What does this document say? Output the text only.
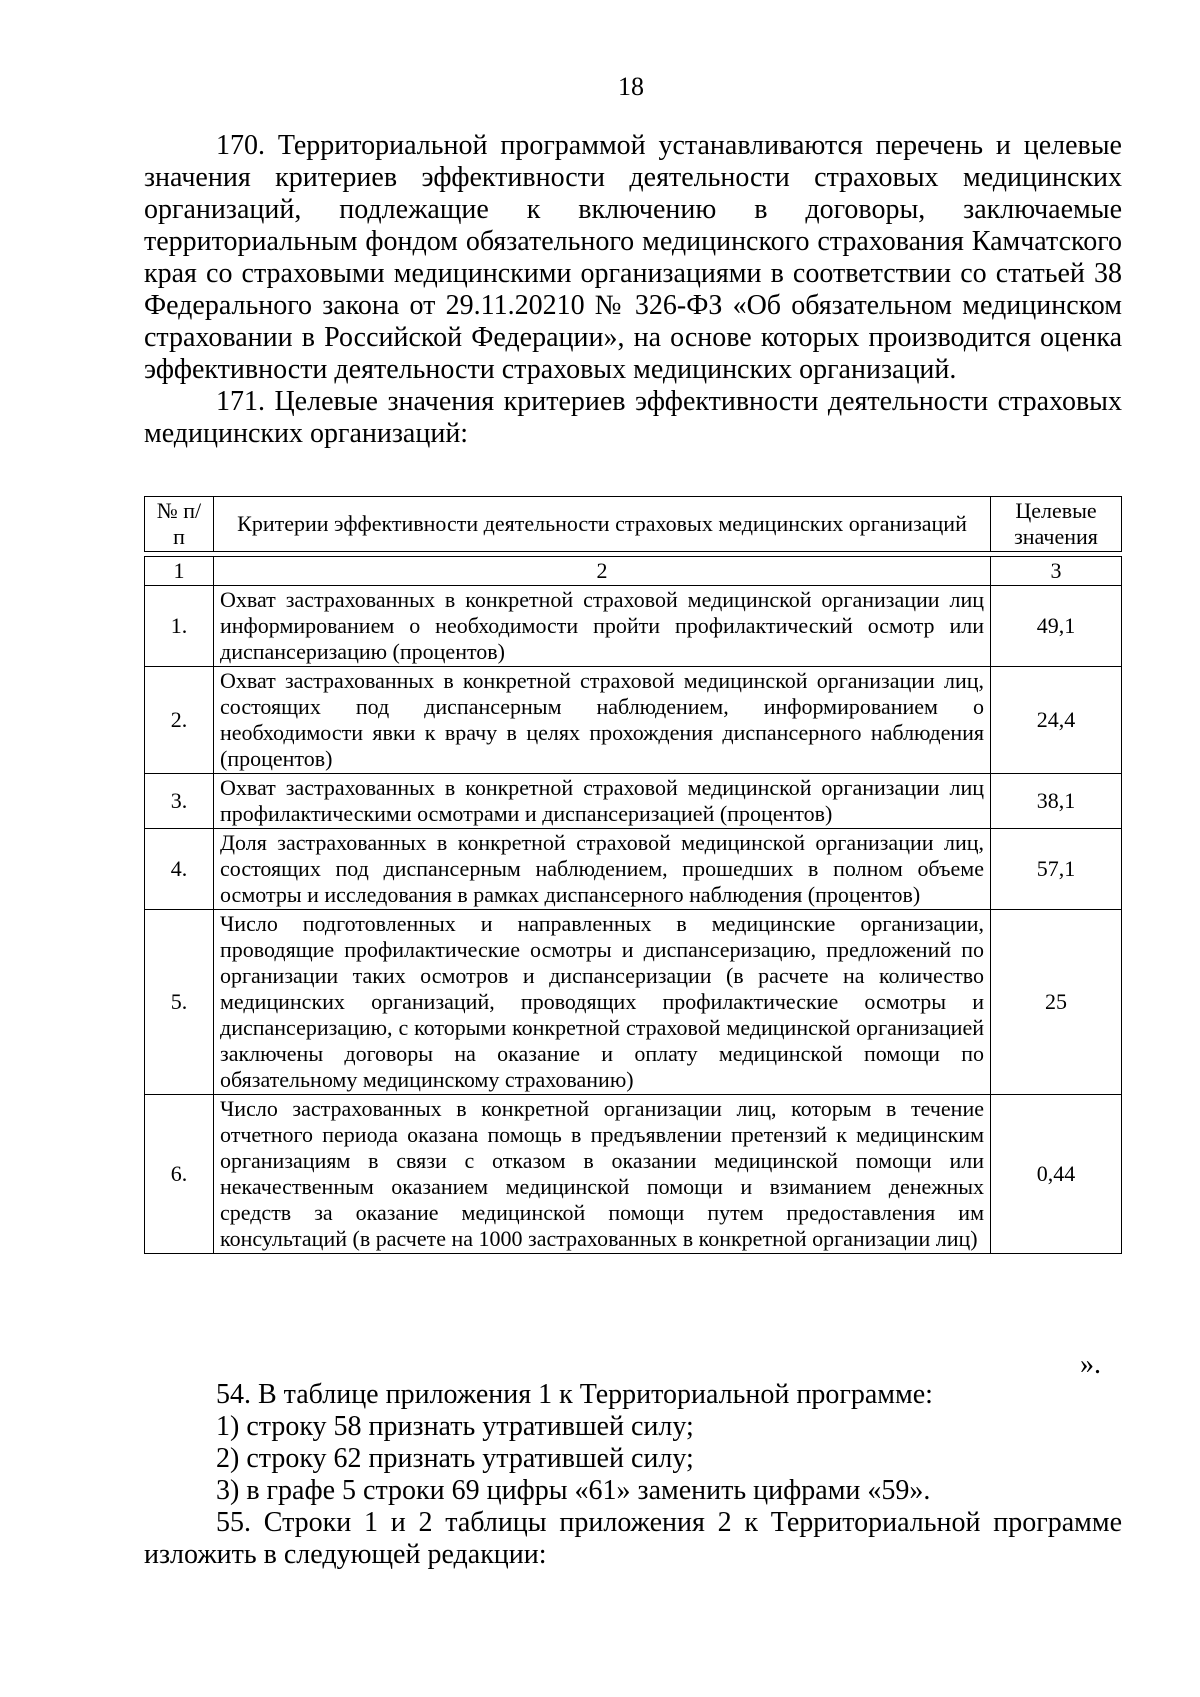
18

170. Территориальной программой устанавливаются перечень и целевые значения критериев эффективности деятельности страховых медицинских организаций, подлежащие к включению в договоры, заключаемые территориальным фондом обязательного медицинского страхования Камчатского края со страховыми медицинскими организациями в соответствии со статьей 38 Федерального закона от 29.11.20210 № 326-ФЗ «Об обязательном медицинском страховании в Российской Федерации», на основе которых производится оценка эффективности деятельности страховых медицинских организаций.

171. Целевые значения критериев эффективности деятельности страховых медицинских организаций:

№ п/п	Критерии эффективности деятельности страховых медицинских организаций	Целевые значения

1	2	3
1.	Охват застрахованных в конкретной страховой медицинской организации лиц информированием о необходимости пройти профилактический осмотр или диспансеризацию (процентов)	49,1
2.	Охват застрахованных в конкретной страховой медицинской организации лиц, состоящих под диспансерным наблюдением, информированием о необходимости явки к врачу в целях прохождения диспансерного наблюдения (процентов)	24,4
3.	Охват застрахованных в конкретной страховой медицинской организации лиц профилактическими осмотрами и диспансеризацией (процентов)	38,1
4.	Доля застрахованных в конкретной страховой медицинской организации лиц, состоящих под диспансерным наблюдением, прошедших в полном объеме осмотры и исследования в рамках диспансерного наблюдения (процентов)	57,1
5.	Число подготовленных и направленных в медицинские организации, проводящие профилактические осмотры и диспансеризацию, предложений по организации таких осмотров и диспансеризации (в расчете на количество медицинских организаций, проводящих профилактические осмотры и диспансеризацию, с которыми конкретной страховой медицинской организацией заключены договоры на оказание и оплату медицинской помощи по обязательному медицинскому страхованию)	25
6.	Число застрахованных в конкретной организации лиц, которым в течение отчетного периода оказана помощь в предъявлении претензий к медицинским организациям в связи с отказом в оказании медицинской помощи или некачественным оказанием медицинской помощи и взиманием денежных средств за оказание медицинской помощи путем предоставления им консультаций (в расчете на 1000 застрахованных в конкретной организации лиц)	0,44
».

54. В таблице приложения 1 к Территориальной программе:

1) строку 58 признать утратившей силу;

2) строку 62 признать утратившей силу;

3) в графе 5 строки 69 цифры «61» заменить цифрами «59».

55. Строки 1 и 2 таблицы приложения 2 к Территориальной программе изложить в следующей редакции:
